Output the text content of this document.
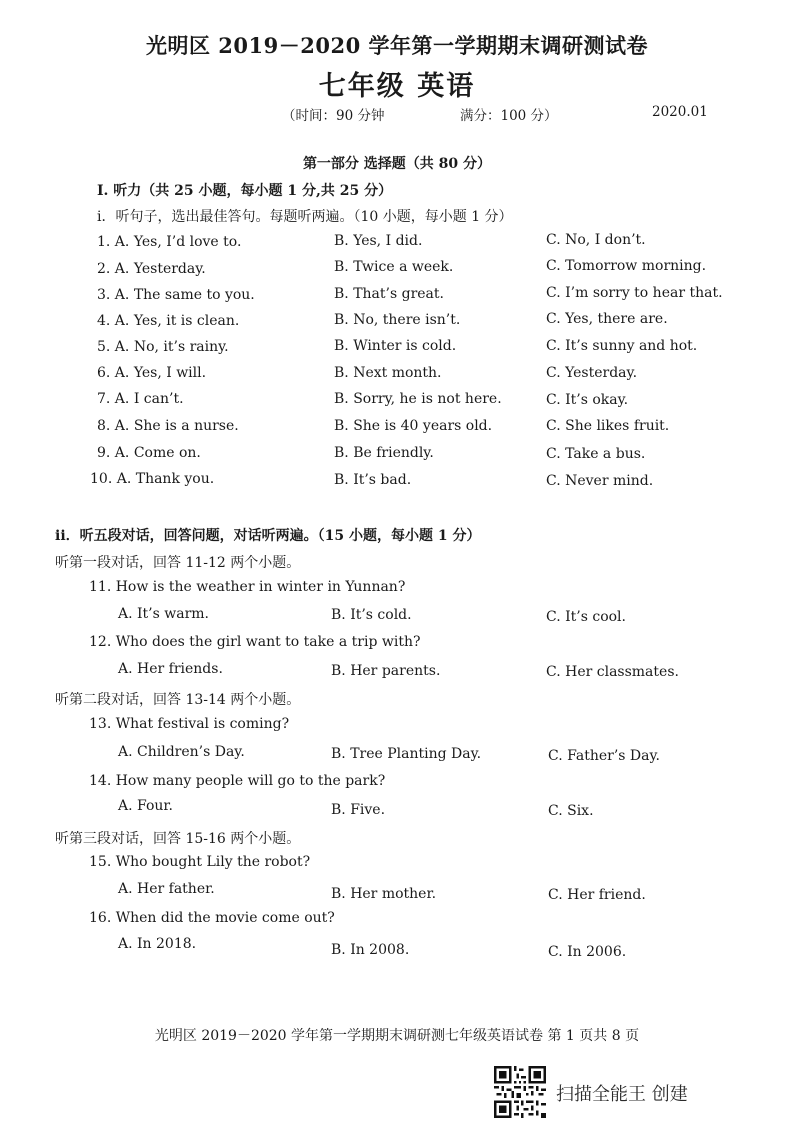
光明区 2019－2020 学年第一学期期末调研测试卷
七年级 英语
（时间：90 分钟	满分：100 分）	2020.01
第一部分 选择题（共 80 分）
I. 听力（共 25 小题，每小题 1 分,共 25 分）
i．听句子，选出最佳答句。每题听两遍。（10 小题，每小题 1 分）
1. A. Yes, I’d love to.	B. Yes, I did.	C. No, I don’t.
2. A. Yesterday.	B. Twice a week.	C. Tomorrow morning.
3. A. The same to you.	B. That’s great.	C. I’m sorry to hear that.
4. A. Yes, it is clean.	B. No, there isn’t.	C. Yes, there are.
5. A. No, it’s rainy.	B. Winter is cold.	C. It’s sunny and hot.
6. A. Yes, I will.	B. Next month.	C. Yesterday.
7. A. I can’t.	B. Sorry, he is not here.	C. It’s okay.
8. A. She is a nurse.	B. She is 40 years old.	C. She likes fruit.
9. A. Come on.	B. Be friendly.	C. Take a bus.
10. A. Thank you.	B. It’s bad.	C. Never mind.
ii．听五段对话，回答问题，对话听两遍。（15 小题，每小题 1 分）
听第一段对话，回答 11-12 两个小题。
11. How is the weather in winter in Yunnan?
A. It’s warm.	B. It’s cold.	C. It’s cool.
12. Who does the girl want to take a trip with?
A. Her friends.	B. Her parents.	C. Her classmates.
听第二段对话，回答 13-14 两个小题。
13. What festival is coming?
A. Children’s Day.	B. Tree Planting Day.	C. Father’s Day.
14. How many people will go to the park?
A. Four.	B. Five.	C. Six.
听第三段对话，回答 15-16 两个小题。
15. Who bought Lily the robot?
A. Her father.	B. Her mother.	C. Her friend.
16. When did the movie come out?
A. In 2018.	B. In 2008.	C. In 2006.
光明区 2019－2020 学年第一学期期末调研测七年级英语试卷 第 1 页共 8 页
扫描全能王 创建
